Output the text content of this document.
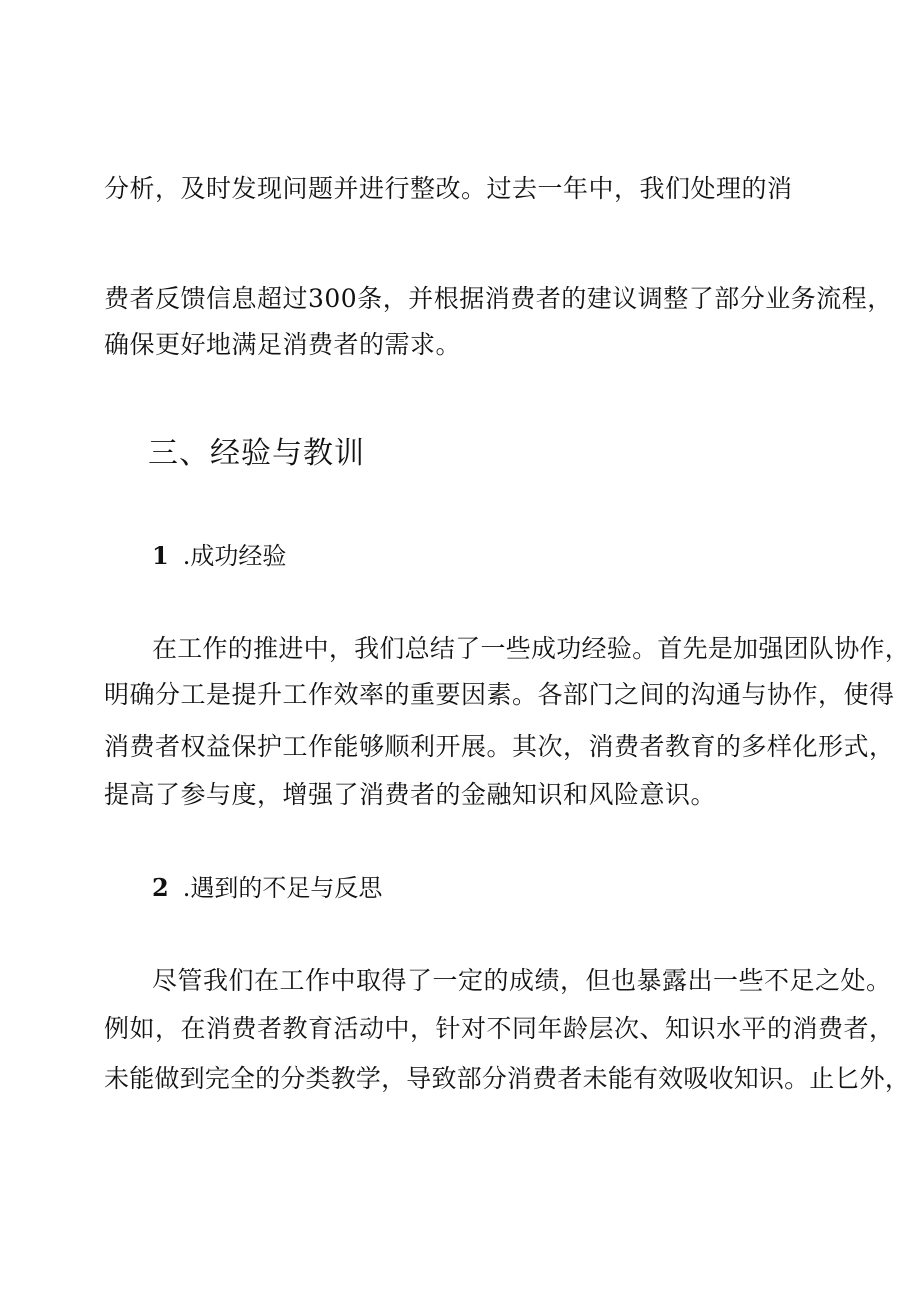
分析，及时发现问题并进行整改。过去一年中，我们处理的消
费者反馈信息超过300条，并根据消费者的建议调整了部分业务流程，
确保更好地满足消费者的需求。
三、经验与教训
1 .成功经验
在工作的推进中，我们总结了一些成功经验。首先是加强团队协作，
明确分工是提升工作效率的重要因素。各部门之间的沟通与协作，使得
消费者权益保护工作能够顺利开展。其次，消费者教育的多样化形式，
提高了参与度，增强了消费者的金融知识和风险意识。
2 .遇到的不足与反思
尽管我们在工作中取得了一定的成绩，但也暴露出一些不足之处。
例如，在消费者教育活动中，针对不同年龄层次、知识水平的消费者，
未能做到完全的分类教学，导致部分消费者未能有效吸收知识。止匕外，
